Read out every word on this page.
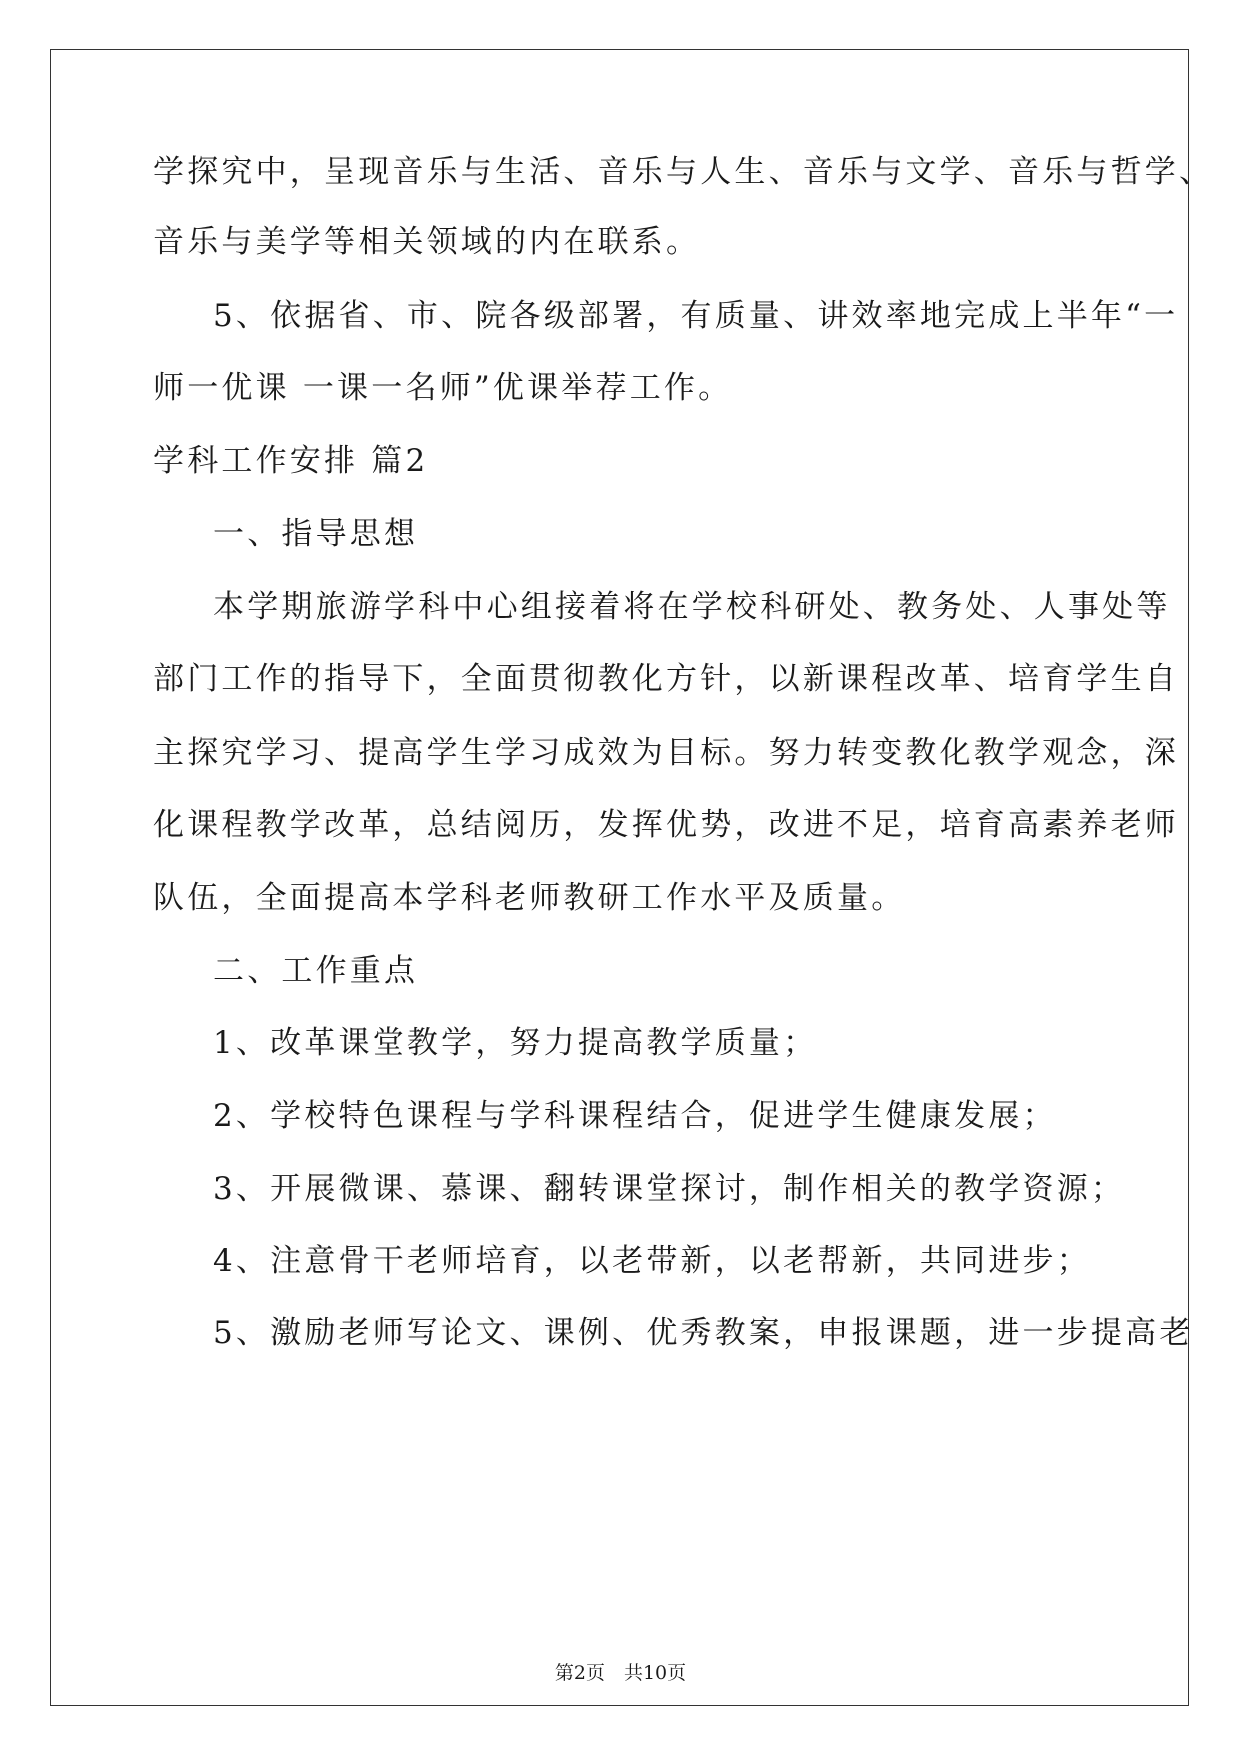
学探究中，呈现音乐与生活、音乐与人生、音乐与文学、音乐与哲学、
音乐与美学等相关领域的内在联系。
5、依据省、市、院各级部署，有质量、讲效率地完成上半年“一
师一优课 一课一名师”优课举荐工作。
学科工作安排 篇2
一、指导思想
本学期旅游学科中心组接着将在学校科研处、教务处、人事处等
部门工作的指导下，全面贯彻教化方针，以新课程改革、培育学生自
主探究学习、提高学生学习成效为目标。努力转变教化教学观念，深
化课程教学改革，总结阅历，发挥优势，改进不足，培育高素养老师
队伍，全面提高本学科老师教研工作水平及质量。
二、工作重点
1、改革课堂教学，努力提高教学质量；
2、学校特色课程与学科课程结合，促进学生健康发展；
3、开展微课、慕课、翻转课堂探讨，制作相关的教学资源；
4、注意骨干老师培育，以老带新，以老帮新，共同进步；
5、激励老师写论文、课例、优秀教案，申报课题，进一步提高老
第2页　共10页
